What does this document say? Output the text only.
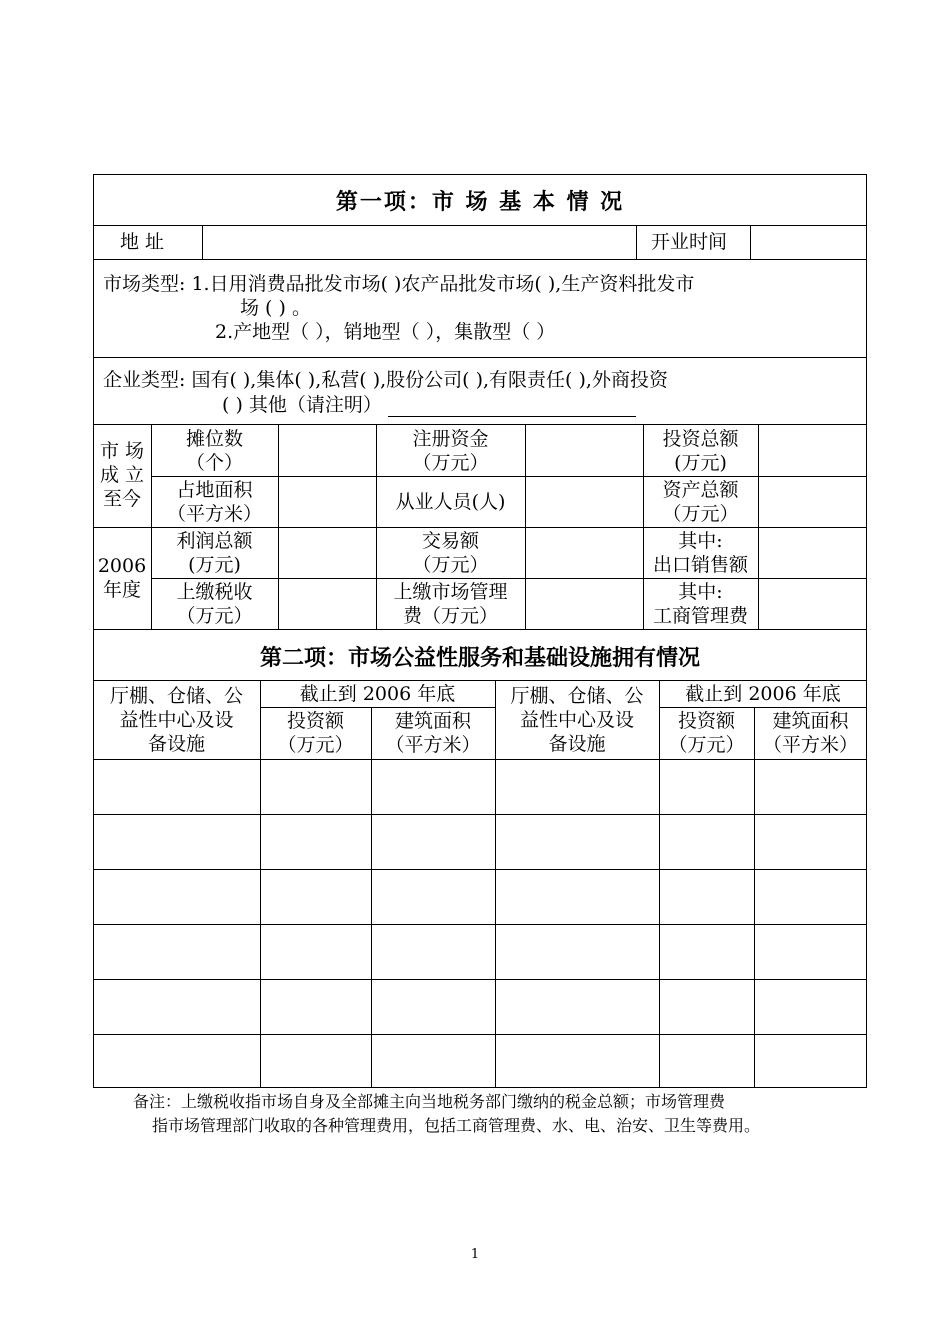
第一项：市 场 基 本 情 况
地 址	开业时间
市场类型: 1.日用消费品批发市场( )农产品批发市场( ),生产资料批发市
场 ( ) 。
2.产地型（ ），销地型（ ），集散型（ ）
企业类型: 国有( ),集体( ),私营( ),股份公司( ),有限责任( ),外商投资
( ) 其他（请注明）
市 场
成 立
至今
2006
年度
摊位数
（个）
注册资金
（万元）
投资总额
(万元)
占地面积
（平方米）
从业人员(人)
资产总额
（万元）
利润总额
(万元)
交易额
（万元）
其中:
出口销售额
上缴税收
（万元）
上缴市场管理
费（万元）
其中:
工商管理费
第二项：市场公益性服务和基础设施拥有情况
厅棚、仓储、公
益性中心及设
备设施
截止到 2006 年底
投资额
（万元）
建筑面积
（平方米）
厅棚、仓储、公
益性中心及设
备设施
截止到 2006 年底
投资额
（万元）
建筑面积
（平方米）
备注：上缴税收指市场自身及全部摊主向当地税务部门缴纳的税金总额；市场管理费
指市场管理部门收取的各种管理费用，包括工商管理费、水、电、治安、卫生等费用。
1
